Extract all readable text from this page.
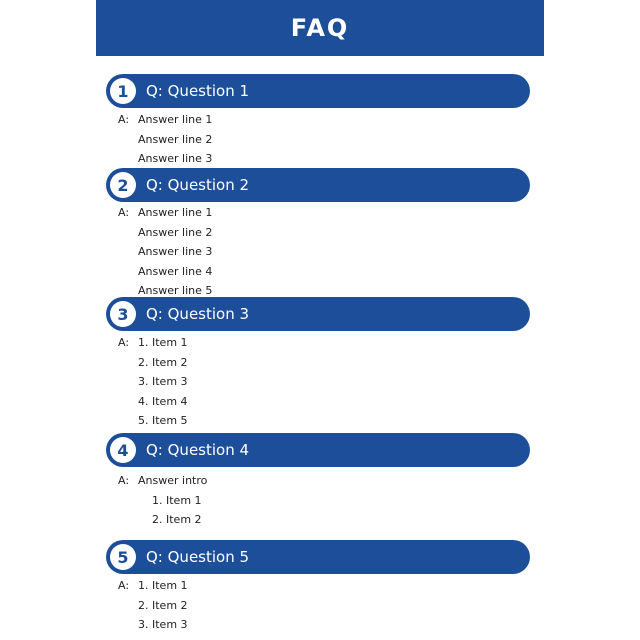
FAQ
1	Q: Question 1
A: Answer line 1
Answer line 2
Answer line 3
2	Q: Question 2
A: Answer line 1
Answer line 2
Answer line 3
Answer line 4
Answer line 5
3	Q: Question 3
A: 1. Item 1
2. Item 2
3. Item 3
4. Item 4
5. Item 5
4	Q: Question 4
A: Answer intro
1. Item 1
2. Item 2
5	Q: Question 5
A: 1. Item 1
2. Item 2
3. Item 3
